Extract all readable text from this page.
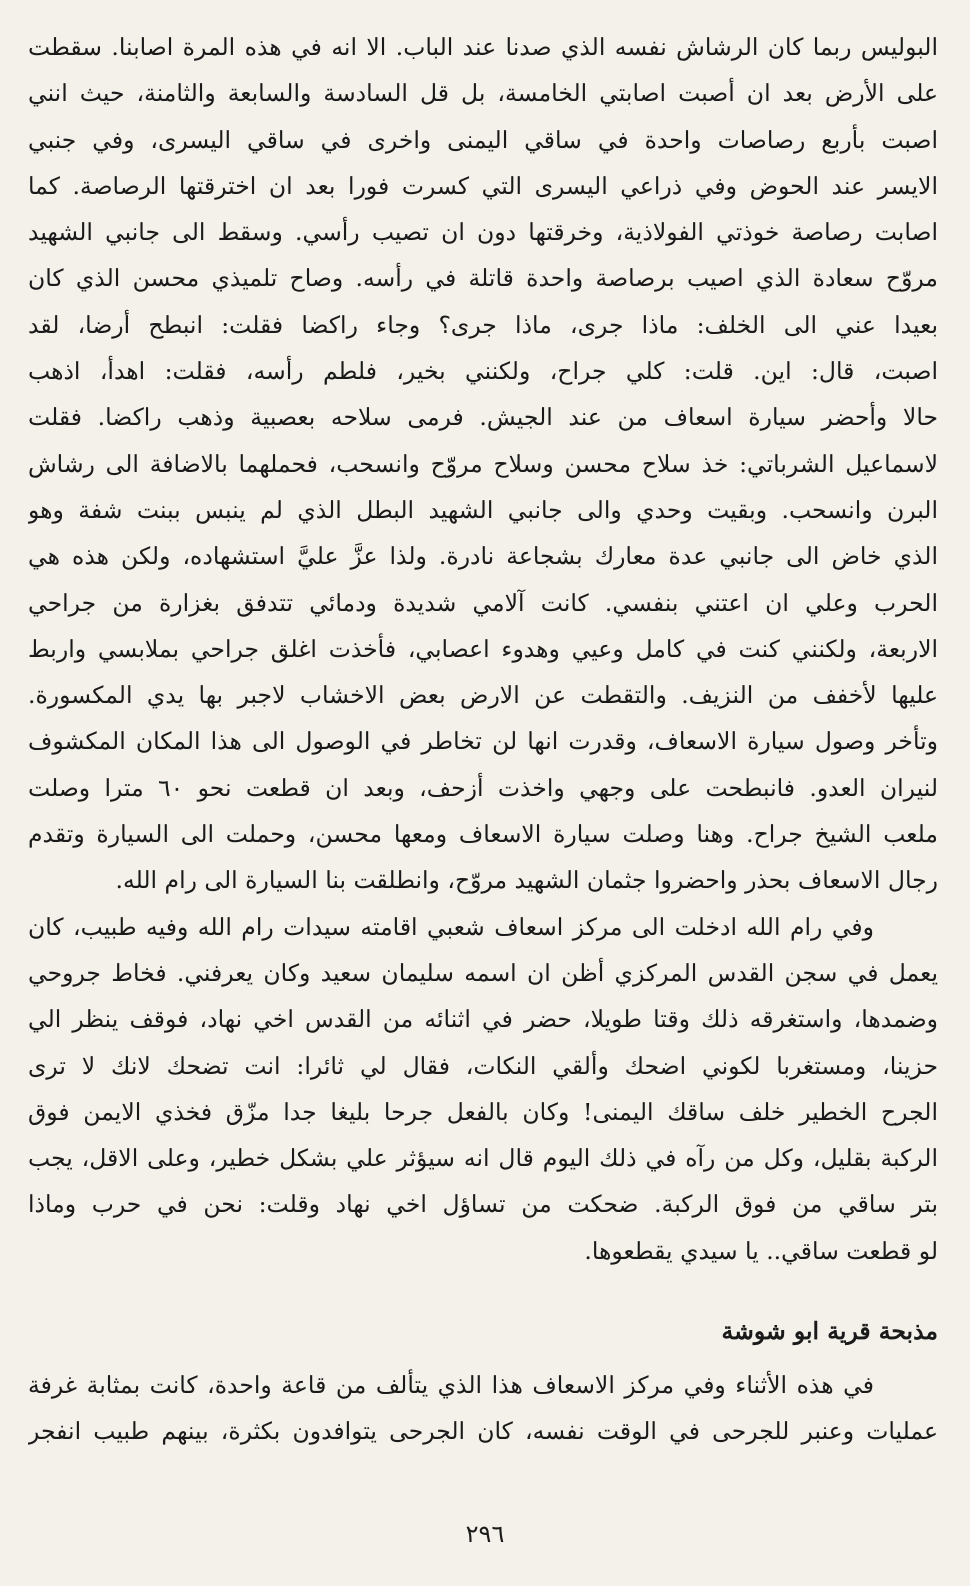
البوليس ربما كان الرشاش نفسه الذي صدنا عند الباب. الا انه في هذه المرة اصابنا. سقطت
على الأرض بعد ان أصبت اصابتي الخامسة، بل قل السادسة والسابعة والثامنة، حيث انني
اصبت بأربع رصاصات واحدة في ساقي اليمنى واخرى في ساقي اليسرى، وفي جنبي
الايسر عند الحوض وفي ذراعي اليسرى التي كسرت فورا بعد ان اخترقتها الرصاصة. كما
اصابت رصاصة خوذتي الفولاذية، وخرقتها دون ان تصيب رأسي. وسقط الى جانبي الشهيد
مروّح سعادة الذي اصيب برصاصة واحدة قاتلة في رأسه. وصاح تلميذي محسن الذي كان
بعيدا عني الى الخلف: ماذا جرى، ماذا جرى؟ وجاء راكضا فقلت: انبطح أرضا، لقد
اصبت، قال: اين. قلت: كلي جراح، ولكنني بخير، فلطم رأسه، فقلت: اهدأ، اذهب
حالا وأحضر سيارة اسعاف من عند الجيش. فرمى سلاحه بعصبية وذهب راكضا. فقلت
لاسماعيل الشرباتي: خذ سلاح محسن وسلاح مروّح وانسحب، فحملهما بالاضافة الى رشاش
البرن وانسحب. وبقيت وحدي والى جانبي الشهيد البطل الذي لم ينبس ببنت شفة وهو
الذي خاض الى جانبي عدة معارك بشجاعة نادرة. ولذا عزَّ عليَّ استشهاده، ولكن هذه هي
الحرب وعلي ان اعتني بنفسي. كانت آلامي شديدة ودمائي تتدفق بغزارة من جراحي
الاربعة، ولكنني كنت في كامل وعيي وهدوء اعصابي، فأخذت اغلق جراحي بملابسي واربط
عليها لأخفف من النزيف. والتقطت عن الارض بعض الاخشاب لاجبر بها يدي المكسورة.
وتأخر وصول سيارة الاسعاف، وقدرت انها لن تخاطر في الوصول الى هذا المكان المكشوف
لنيران العدو. فانبطحت على وجهي واخذت أزحف، وبعد ان قطعت نحو ٦٠ مترا وصلت
ملعب الشيخ جراح. وهنا وصلت سيارة الاسعاف ومعها محسن، وحملت الى السيارة وتقدم
رجال الاسعاف بحذر واحضروا جثمان الشهيد مروّح، وانطلقت بنا السيارة الى رام الله.
وفي رام الله ادخلت الى مركز اسعاف شعبي اقامته سيدات رام الله وفيه طبيب، كان
يعمل في سجن القدس المركزي أظن ان اسمه سليمان سعيد وكان يعرفني. فخاط جروحي
وضمدها، واستغرقه ذلك وقتا طويلا، حضر في اثنائه من القدس اخي نهاد، فوقف ينظر الي
حزينا، ومستغربا لكوني اضحك وألقي النكات، فقال لي ثائرا: انت تضحك لانك لا ترى
الجرح الخطير خلف ساقك اليمنى! وكان بالفعل جرحا بليغا جدا مزّق فخذي الايمن فوق
الركبة بقليل، وكل من رآه في ذلك اليوم قال انه سيؤثر علي بشكل خطير، وعلى الاقل، يجب
بتر ساقي من فوق الركبة. ضحكت من تساؤل اخي نهاد وقلت: نحن في حرب وماذا
لو قطعت ساقي.. يا سيدي يقطعوها.
مذبحة قرية ابو شوشة
في هذه الأثناء وفي مركز الاسعاف هذا الذي يتألف من قاعة واحدة، كانت بمثابة غرفة
عمليات وعنبر للجرحى في الوقت نفسه، كان الجرحى يتوافدون بكثرة، بينهم طبيب انفجر
٢٩٦
